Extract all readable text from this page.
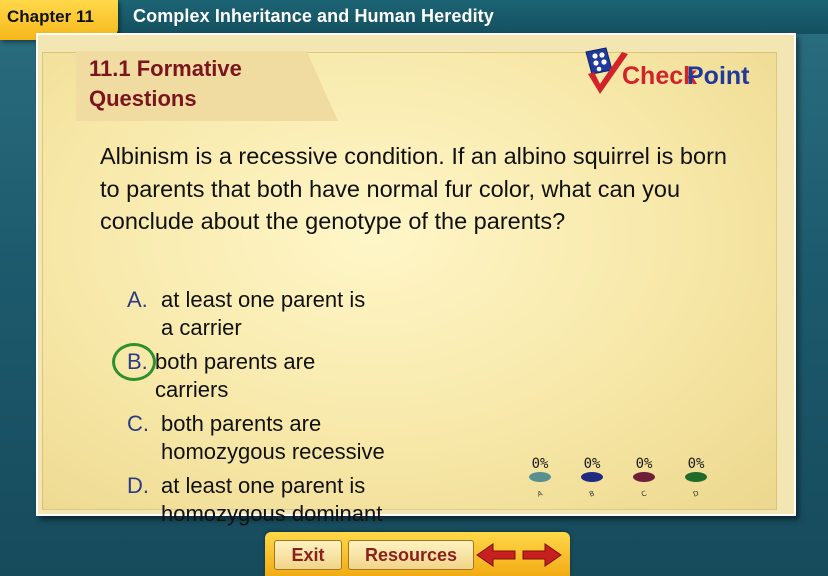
Chapter 11	Complex Inheritance and Human Heredity
11.1 Formative
Questions
Check
Point
Albinism is a recessive condition. If an albino squirrel is born to parents that both have normal fur color, what can you conclude about the genotype of the parents?
A. at least one parent is
a carrier
B. both parents are
carriers
C. both parents are
homozygous recessive
D. at least one parent is
homozygous dominant
0%
A
0%
B
0%
C
0%
D
Exit	Resources
